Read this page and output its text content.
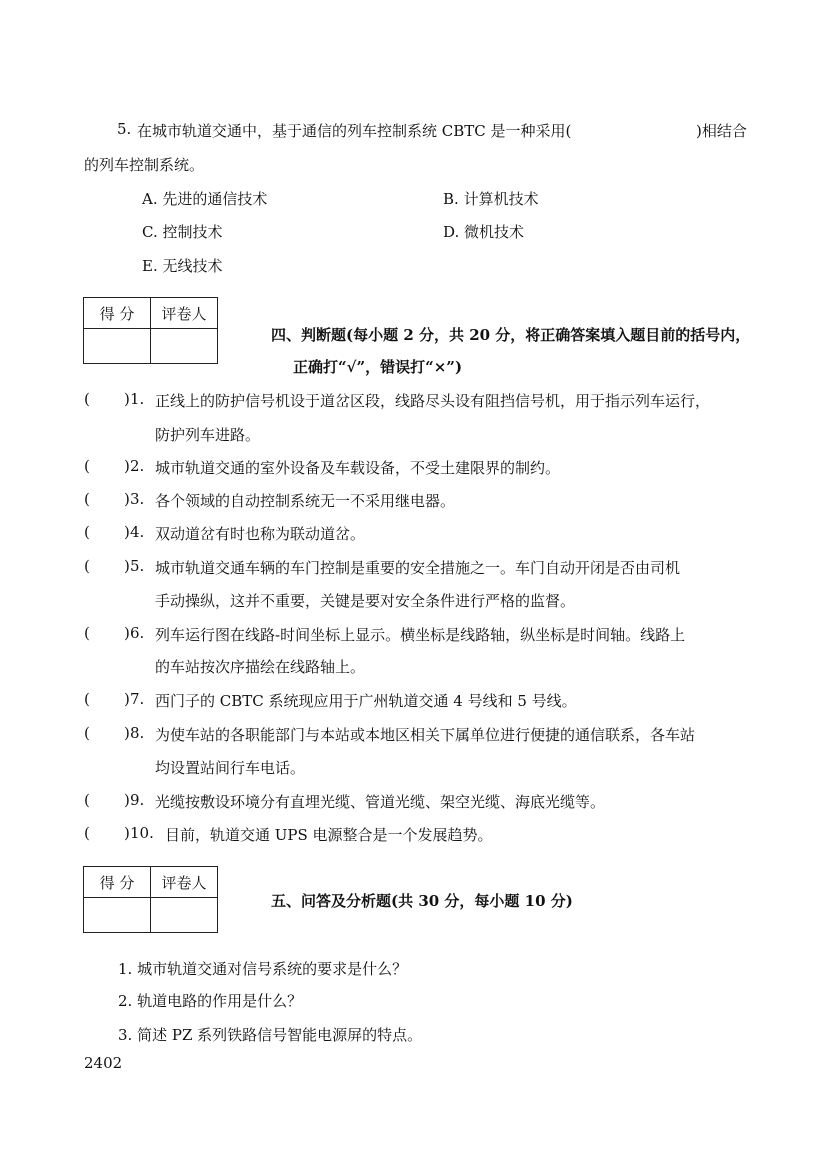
5. 在城市轨道交通中，基于通信的列车控制系统 CBTC 是一种采用(	)相结合
的列车控制系统。
A. 先进的通信技术	B. 计算机技术
C. 控制技术	D. 微机技术
E. 无线技术
得 分	评卷人

四、判断题(每小题 2 分，共 20 分，将正确答案填入题目前的括号内，
正确打“√”，错误打“×”)
( ) 1. 正线上的防护信号机设于道岔区段，线路尽头设有阻挡信号机，用于指示列车运行，
防护列车进路。
( ) 2. 城市轨道交通的室外设备及车载设备，不受土建限界的制约。
( ) 3. 各个领域的自动控制系统无一不采用继电器。
( ) 4. 双动道岔有时也称为联动道岔。
( ) 5. 城市轨道交通车辆的车门控制是重要的安全措施之一。车门自动开闭是否由司机
手动操纵，这并不重要，关键是要对安全条件进行严格的监督。
( ) 6. 列车运行图在线路-时间坐标上显示。横坐标是线路轴，纵坐标是时间轴。线路上
的车站按次序描绘在线路轴上。
( ) 7. 西门子的 CBTC 系统现应用于广州轨道交通 4 号线和 5 号线。
( ) 8. 为使车站的各职能部门与本站或本地区相关下属单位进行便捷的通信联系，各车站
均设置站间行车电话。
( ) 9. 光缆按敷设环境分有直埋光缆、管道光缆、架空光缆、海底光缆等。
( ) 10. 目前，轨道交通 UPS 电源整合是一个发展趋势。
得 分	评卷人

五、问答及分析题(共 30 分，每小题 10 分)
1. 城市轨道交通对信号系统的要求是什么？
2. 轨道电路的作用是什么？
3. 简述 PZ 系列铁路信号智能电源屏的特点。
2402
